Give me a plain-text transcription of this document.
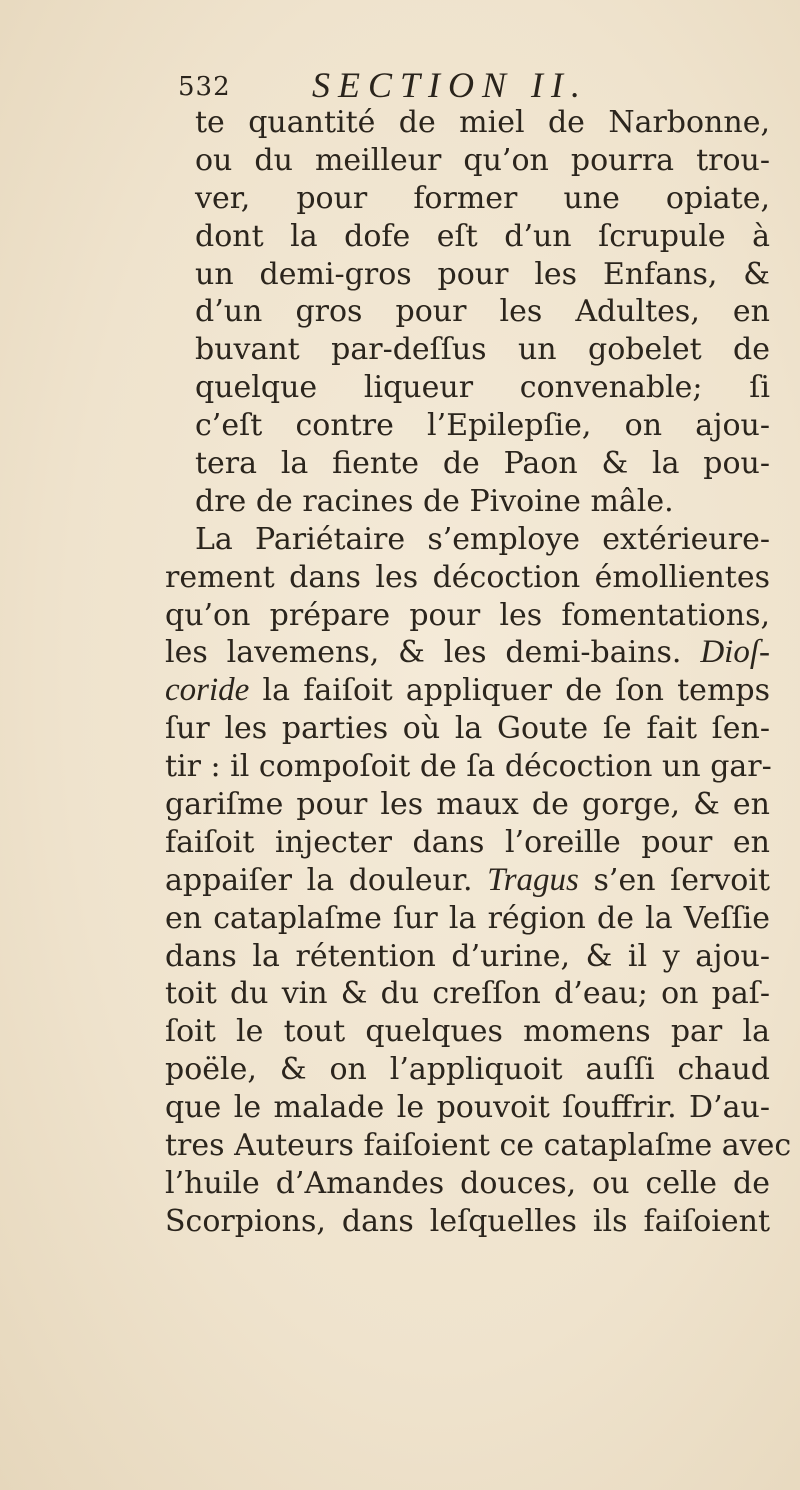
532 SECTION II.
te quantité de miel de Narbonne,
ou du meilleur qu’on pourra trou-
ver, pour former une opiate,
dont la dofe eſt d’un ſcrupule à
un demi-gros pour les Enfans, &
d’un gros pour les Adultes, en
buvant par-deſſus un gobelet de
quelque liqueur convenable; ſi
c’eſt contre l’Epilepſie, on ajou-
tera la fiente de Paon & la pou-
dre de racines de Pivoine mâle.
La Pariétaire s’employe extérieure-
rement dans les décoction émollientes
qu’on prépare pour les fomentations,
les lavemens, & les demi-bains. Dioſ-
coride la faiſoit appliquer de ſon temps
ſur les parties où la Goute ſe fait ſen-
tir : il compoſoit de ſa décoction un gar-
gariſme pour les maux de gorge, & en
faiſoit injecter dans l’oreille pour en
appaiſer la douleur. Tragus s’en ſervoit
en cataplaſme ſur la région de la Veſſie
dans la rétention d’urine, & il y ajou-
toit du vin & du creſſon d’eau; on paſ-
ſoit le tout quelques momens par la
poële, & on l’appliquoit auſſi chaud
que le malade le pouvoit ſouffrir. D’au-
tres Auteurs faiſoient ce cataplaſme avec
l’huile d’Amandes douces, ou celle de
Scorpions, dans leſquelles ils faiſoient
